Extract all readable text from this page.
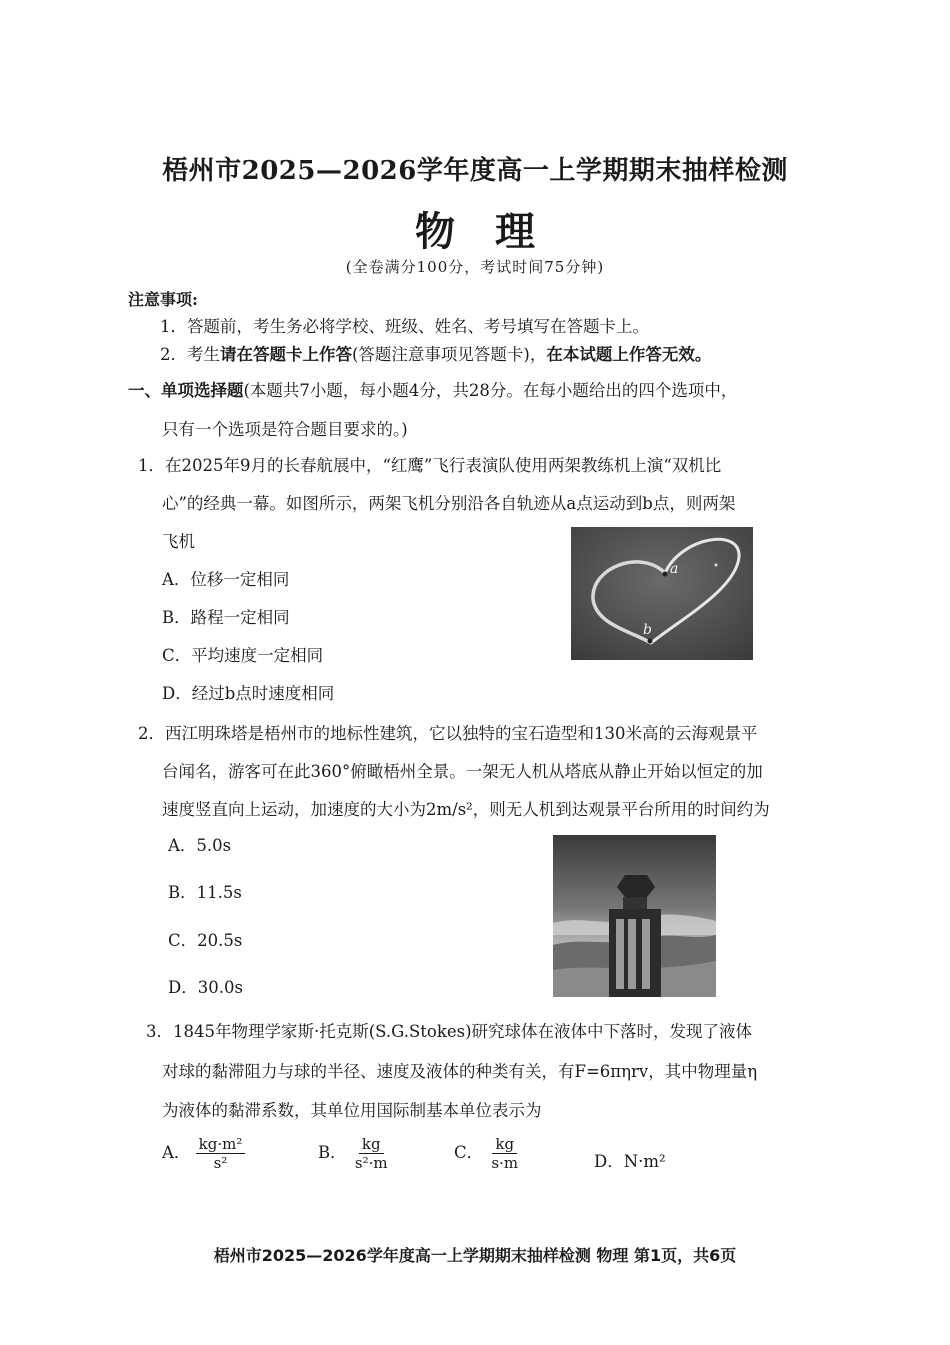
梧州市2025—2026学年度高一上学期期末抽样检测
物理
(全卷满分100分，考试时间75分钟)
注意事项:
1．答题前，考生务必将学校、班级、姓名、考号填写在答题卡上。
2．考生请在答题卡上作答(答题注意事项见答题卡)，在本试题上作答无效。
一、单项选择题(本题共7小题，每小题4分，共28分。在每小题给出的四个选项中，
只有一个选项是符合题目要求的。)
1．在2025年9月的长春航展中，“红鹰”飞行表演队使用两架教练机上演“双机比
心”的经典一幕。如图所示，两架飞机分别沿各自轨迹从a点运动到b点，则两架
飞机
A．位移一定相同
B．路程一定相同
C．平均速度一定相同
D．经过b点时速度相同
a
b
2．西江明珠塔是梧州市的地标性建筑，它以独特的宝石造型和130米高的云海观景平
台闻名，游客可在此360°俯瞰梧州全景。一架无人机从塔底从静止开始以恒定的加
速度竖直向上运动，加速度的大小为2m/s²，则无人机到达观景平台所用的时间约为
A．5.0s
B．11.5s
C．20.5s
D．30.0s
3．1845年物理学家斯·托克斯(S.G.Stokes)研究球体在液体中下落时，发现了液体
对球的黏滞阻力与球的半径、速度及液体的种类有关，有F=6πηrv，其中物理量η
为液体的黏滞系数，其单位用国际制基本单位表示为
A． $\frac{\text{kg·m²}}{\text{s²}}$	B． $\frac{kg}{\text{s²·m}}$	C． $\frac{kg}{s\cdot m}$	D．N·m²
梧州市2025—2026学年度高一上学期期末抽样检测 物理 第1页，共6页
